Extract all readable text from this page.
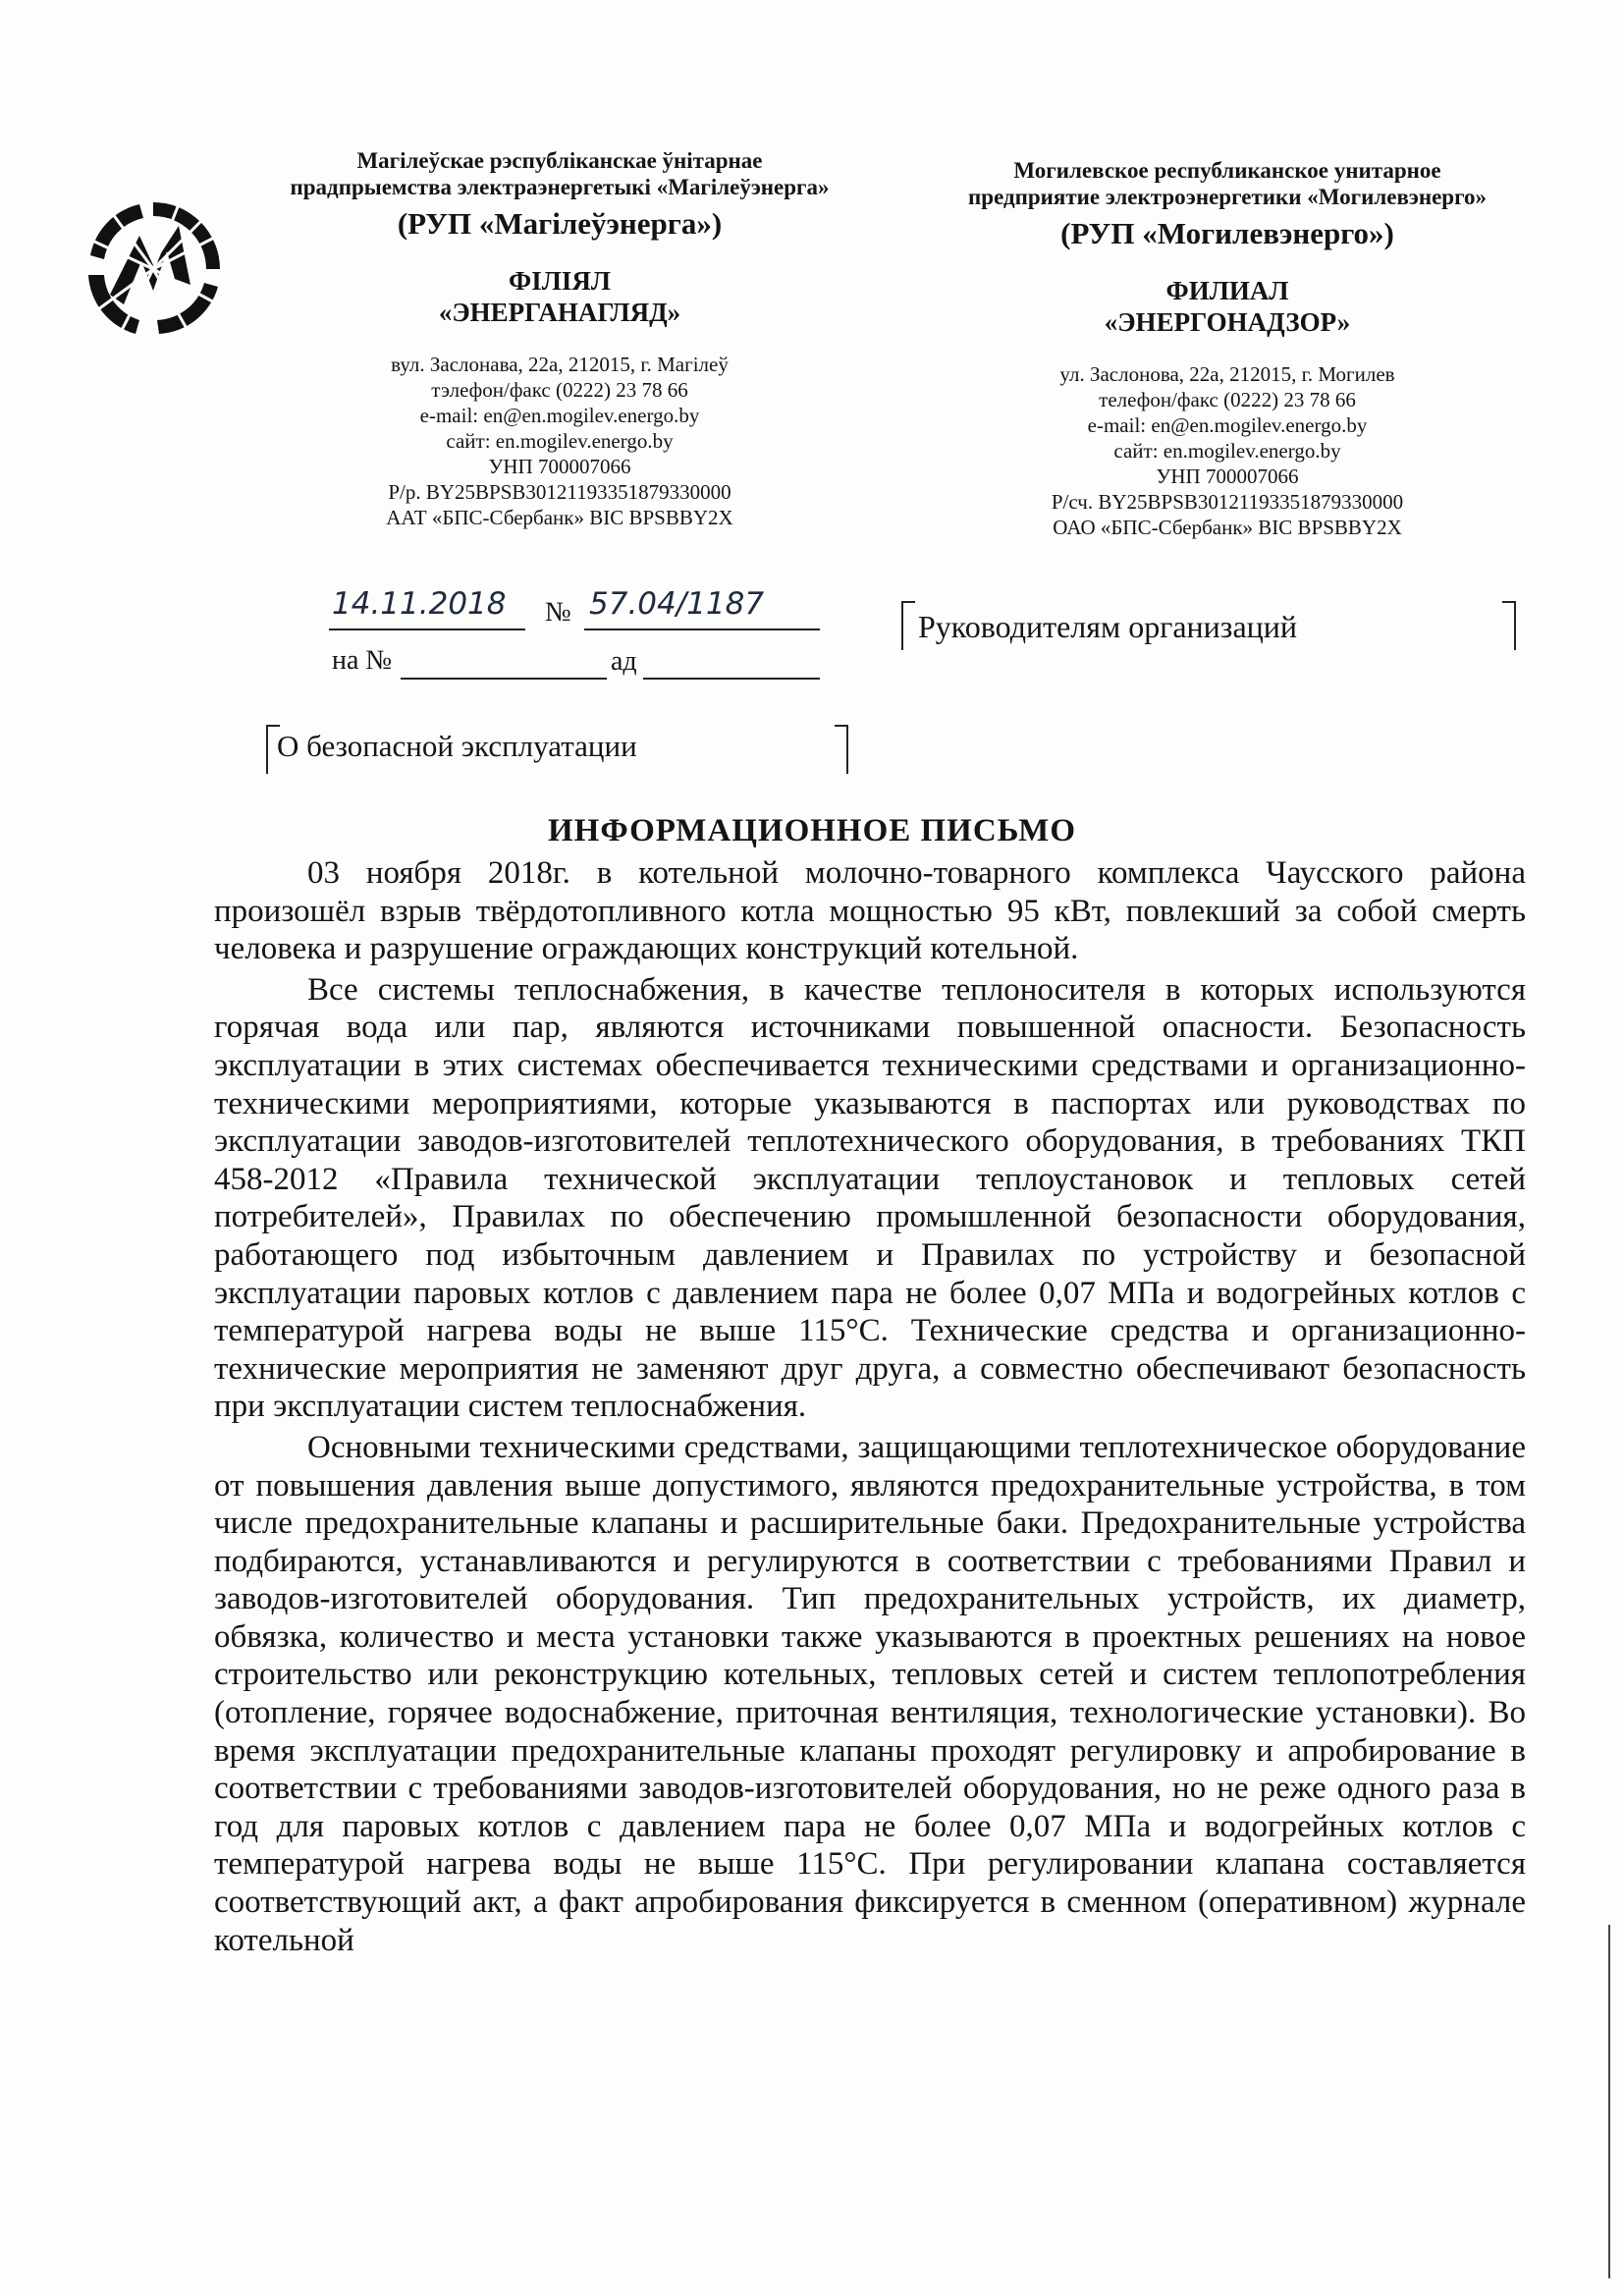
Магілеўскае рэспубліканскае ўнітарнае
прадпрыемства электраэнергетыкі «Магілеўэнерга»
(РУП «Магілеўэнерга»)
ФІЛІЯЛ
«ЭНЕРГАНАГЛЯД»
вул. Заслонава, 22а, 212015, г. Магілеў
тэлефон/факс (0222) 23 78 66
e-mail: en@en.mogilev.energo.by
сайт: en.mogilev.energo.by
УНП 700007066
Р/р. BY25BPSB30121193351879330000
ААТ «БПС-Сбербанк» BIC BPSBBY2X
Могилевское республиканское унитарное
предприятие электроэнергетики «Могилевэнерго»
(РУП «Могилевэнерго»)
ФИЛИАЛ
«ЭНЕРГОНАДЗОР»
ул. Заслонова, 22а, 212015, г. Могилев
телефон/факс (0222) 23 78 66
e-mail: en@en.mogilev.energo.by
сайт: en.mogilev.energo.by
УНП 700007066
Р/сч. BY25BPSB30121193351879330000
ОАО «БПС-Сбербанк» BIC BPSBBY2X
14.11.2018 № 57.04/1187
на №	ад
Руководителям организаций
О безопасной эксплуатации
ИНФОРМАЦИОННОЕ ПИСЬМО

03 ноября 2018г. в котельной молочно-товарного комплекса Чаусского района произошёл взрыв твёрдотопливного котла мощностью 95 кВт, повлекший за собой смерть человека и разрушение ограждающих конструкций котельной.

Все системы теплоснабжения, в качестве теплоносителя в которых используются горячая вода или пар, являются источниками повышенной опасности. Безопасность эксплуатации в этих системах обеспечивается техническими средствами и организационно-техническими мероприятиями, которые указываются в паспортах или руководствах по эксплуатации заводов-изготовителей теплотехнического оборудования, в требованиях ТКП 458-2012 «Правила технической эксплуатации теплоустановок и тепловых сетей потребителей», Правилах по обеспечению промышленной безопасности оборудования, работающего под избыточным давлением и Правилах по устройству и безопасной эксплуатации паровых котлов с давлением пара не более 0,07 МПа и водогрейных котлов с температурой нагрева воды не выше 115°С. Технические средства и организационно-технические мероприятия не заменяют друг друга, а совместно обеспечивают безопасность при эксплуатации систем теплоснабжения.

Основными техническими средствами, защищающими теплотехническое оборудование от повышения давления выше допустимого, являются предохранительные устройства, в том числе предохранительные клапаны и расширительные баки. Предохранительные устройства подбираются, устанавливаются и регулируются в соответствии с требованиями Правил и заводов-изготовителей оборудования. Тип предохранительных устройств, их диаметр, обвязка, количество и места установки также указываются в проектных решениях на новое строительство или реконструкцию котельных, тепловых сетей и систем теплопотребления (отопление, горячее водоснабжение, приточная вентиляция, технологические установки). Во время эксплуатации предохранительные клапаны проходят регулировку и апробирование в соответствии с требованиями заводов-изготовителей оборудования, но не реже одного раза в год для паровых котлов с давлением пара не более 0,07 МПа и водогрейных котлов с температурой нагрева воды не выше 115°С. При регулировании клапана составляется соответствующий акт, а факт апробирования фиксируется в сменном (оперативном) журнале котельной
